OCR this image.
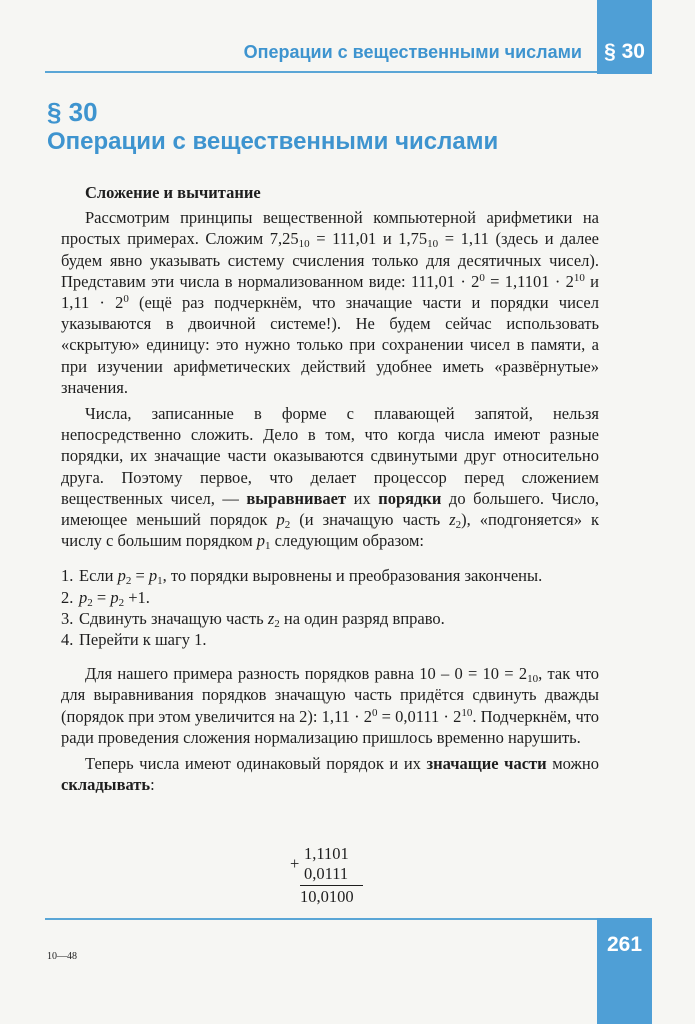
Операции с вещественными числами	§ 30
§ 30
Операции с вещественными числами
Сложение и вычитание

Рассмотрим принципы вещественной компьютерной арифметики на простых примерах. Сложим $7,25_{10} = 111,01$ и $1,75_{10} = 1,11$ (здесь и далее будем явно указывать систему счисления только для десятичных чисел). Представим эти числа в нормализованном виде: $111,01 \cdot 2^0 = 1,1101 \cdot 2^{10}$ и $1,11 \cdot 2^0$ (ещё раз подчеркнём, что значащие части и порядки чисел указываются в двоичной системе!). Не будем сейчас использовать «скрытую» единицу: это нужно только при сохранении чисел в памяти, а при изучении арифметических действий удобнее иметь «развёрнутые» значения.

Числа, записанные в форме с плавающей запятой, нельзя непосредственно сложить. Дело в том, что когда числа имеют разные порядки, их значащие части оказываются сдвинутыми друг относительно друга. Поэтому первое, что делает процессор перед сложением вещественных чисел, — выравнивает их порядки до большего. Число, имеющее меньший порядок $p_2$ (и значащую часть $z_2$), «подгоняется» к числу с большим порядком $p_1$ следующим образом:

1. Если $p_2 = p_1$, то порядки выровнены и преобразования закончены.
2. $p_2 = p_2 +1$.
3. Сдвинуть значащую часть $z_2$ на один разряд вправо.
4. Перейти к шагу 1.

Для нашего примера разность порядков равна $10 - 0 = 10 = 2_{10}$, так что для выравнивания порядков значащую часть придётся сдвинуть дважды (порядок при этом увеличится на 2): $1,11 \cdot 2^0 = 0,0111 \cdot 2^{10}$. Подчеркнём, что ради проведения сложения нормализацию пришлось временно нарушить.

Теперь числа имеют одинаковый порядок и их значащие части можно складывать:

+
1,1101
0,0111
10,0100
261
10—48
